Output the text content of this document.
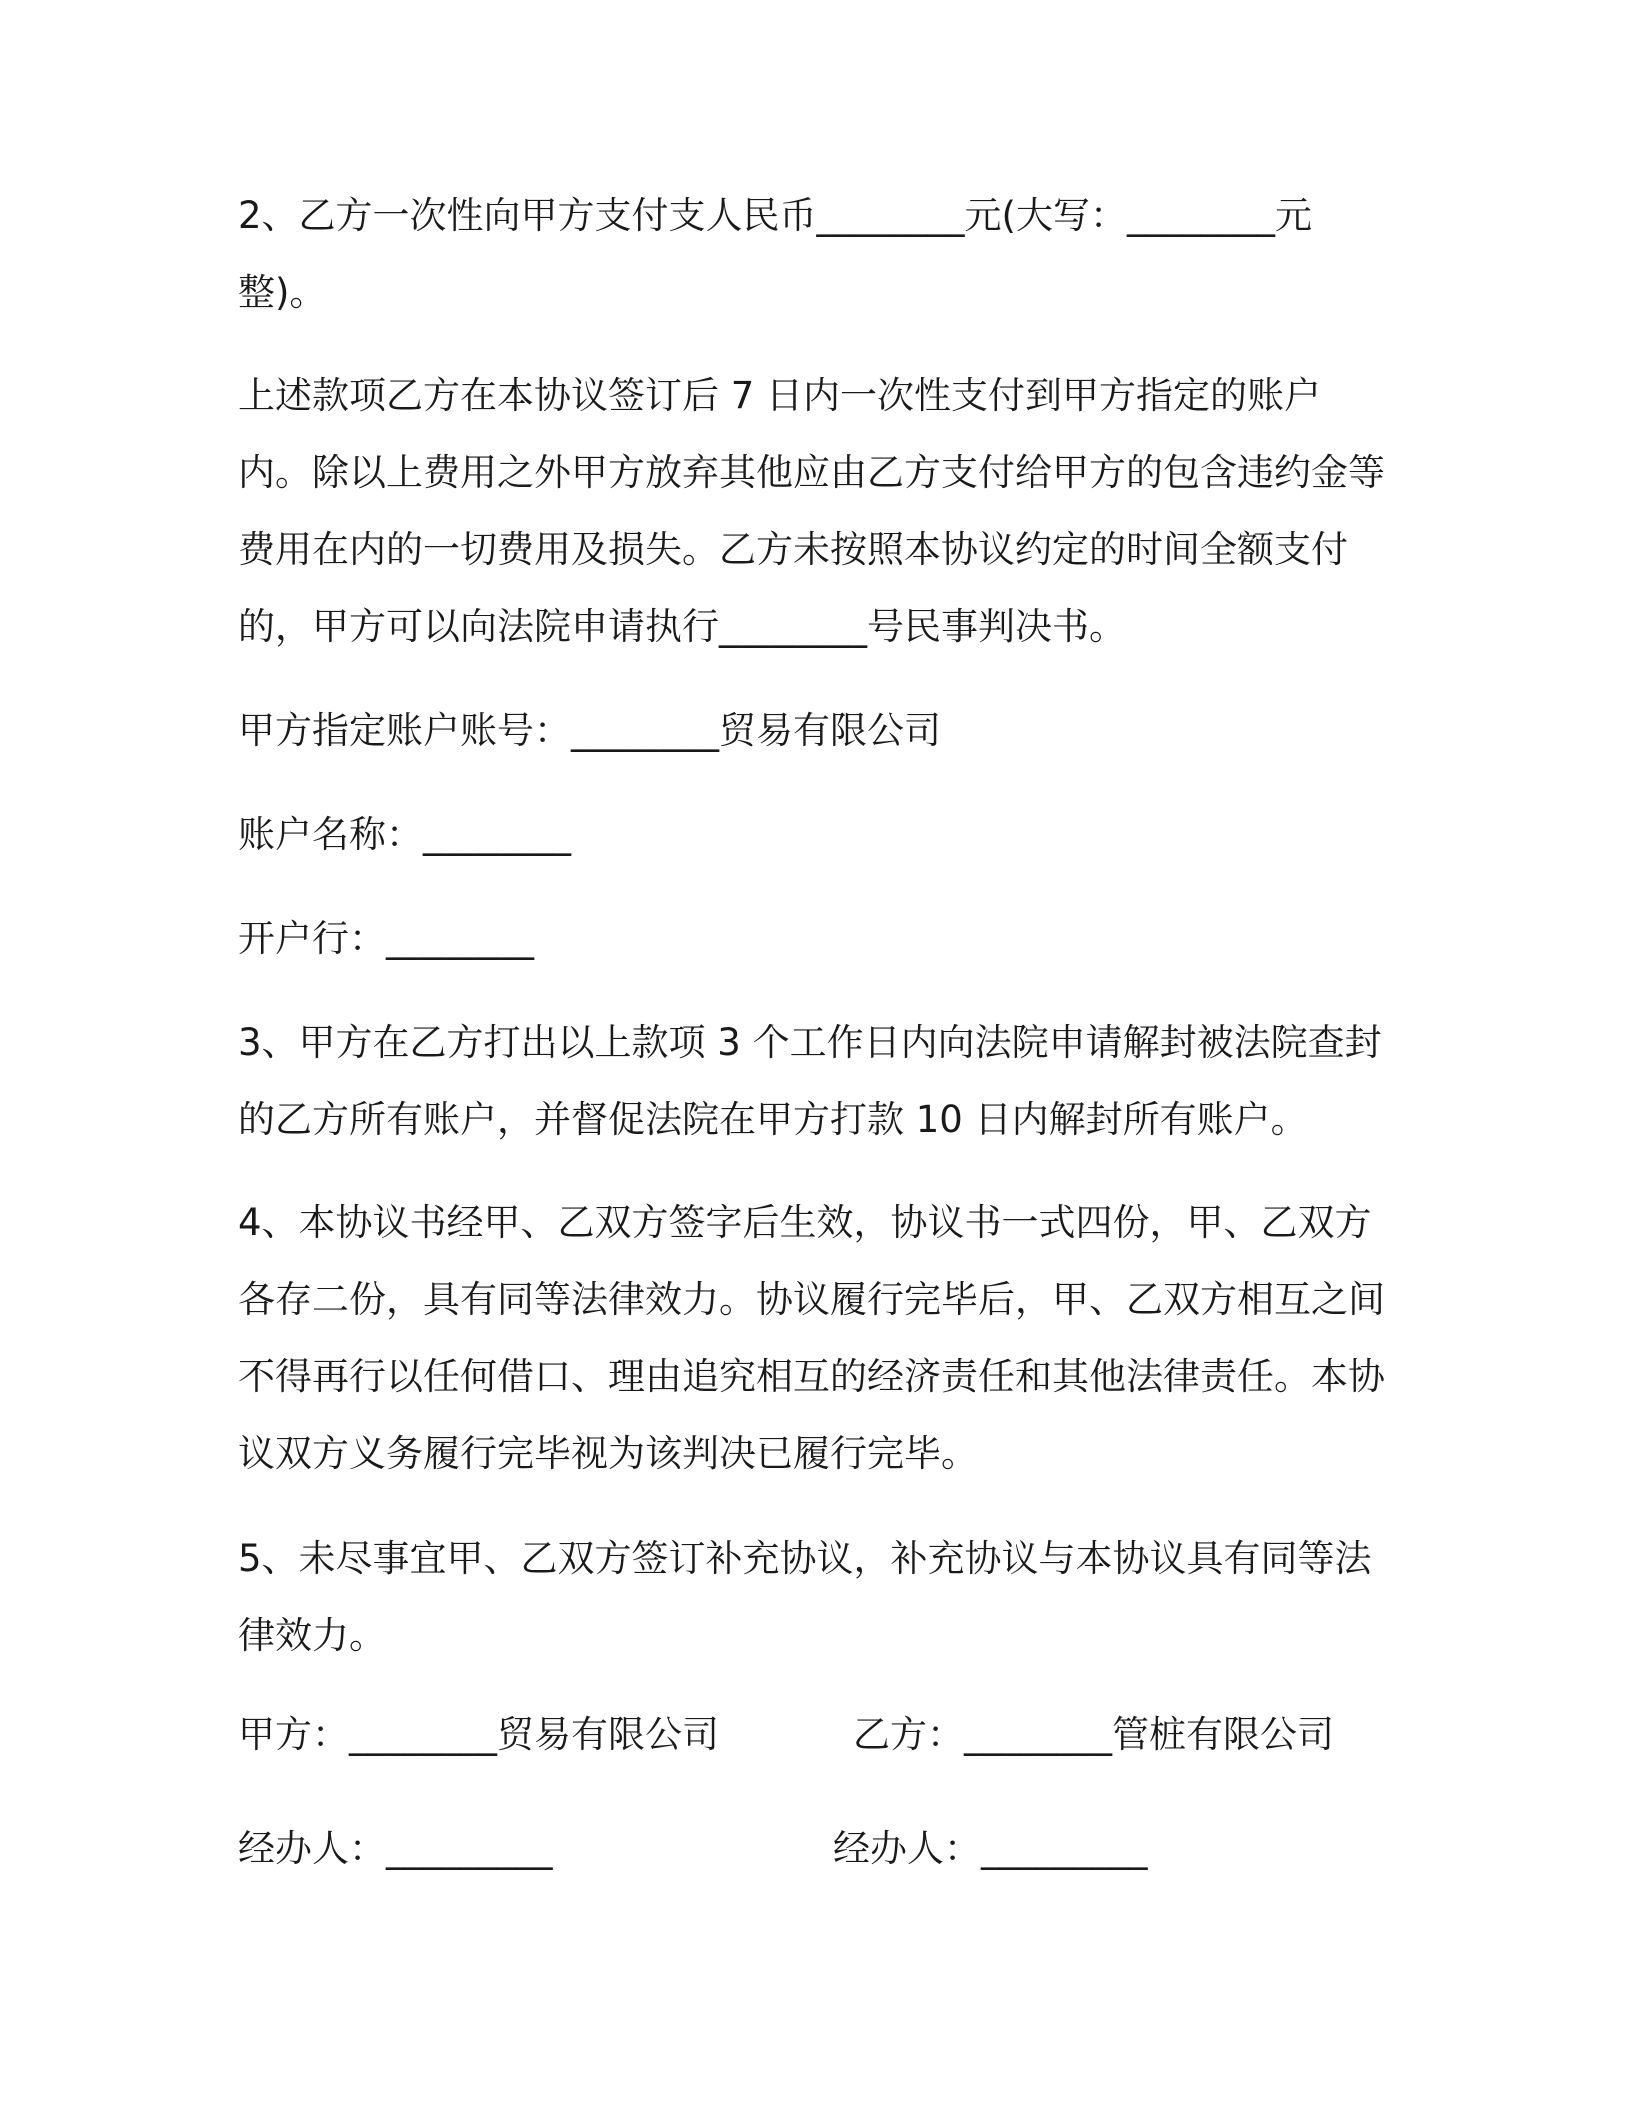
2、乙方一次性向甲方支付支人民币________元(大写：________元整)。

上述款项乙方在本协议签订后 7 日内一次性支付到甲方指定的账户内。除以上费用之外甲方放弃其他应由乙方支付给甲方的包含违约金等费用在内的一切费用及损失。乙方未按照本协议约定的时间全额支付的，甲方可以向法院申请执行________号民事判决书。

甲方指定账户账号：________贸易有限公司

账户名称：________

开户行：________

3、甲方在乙方打出以上款项 3 个工作日内向法院申请解封被法院查封的乙方所有账户，并督促法院在甲方打款 10 日内解封所有账户。

4、本协议书经甲、乙双方签字后生效，协议书一式四份，甲、乙双方各存二份，具有同等法律效力。协议履行完毕后，甲、乙双方相互之间不得再行以任何借口、理由追究相互的经济责任和其他法律责任。本协议双方义务履行完毕视为该判决已履行完毕。

5、未尽事宜甲、乙双方签订补充协议，补充协议与本协议具有同等法律效力。

甲方：________贸易有限公司	乙方：________管桩有限公司

经办人：_________	经办人：_________
